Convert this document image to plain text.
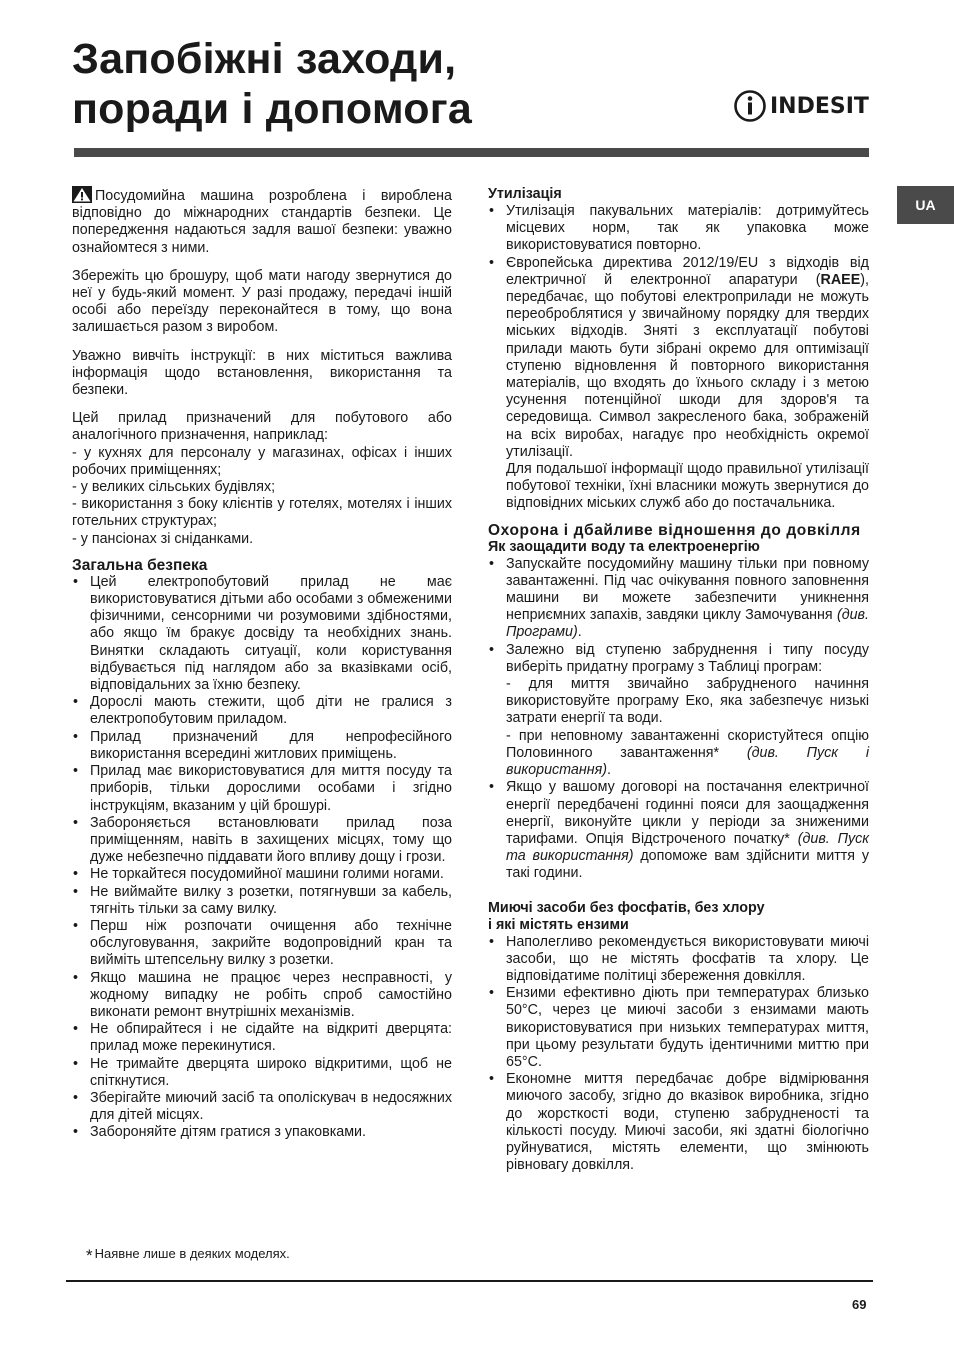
Запобіжні заходи,
поради і допомога	INDESIT
UA

Посудомийна машина розроблена і вироблена відповідно до міжнародних стандартів безпеки. Це попередження надаються задля вашої безпеки: уважно ознайомтеся з ними.

Збережіть цю брошуру, щоб мати нагоду звернутися до неї у будь-який момент. У разі продажу, передачі іншій особі або переїзду переконайтеся в тому, що вона залишається разом з виробом.

Уважно вивчіть інструкції: в них міститься важлива інформація щодо встановлення, використання та безпеки.

Цей прилад призначений для побутового або аналогічного призначення, наприклад:
- у кухнях для персоналу у магазинах, офісах і інших робочих приміщеннях;
- у великих сільських будівлях;
- використання з боку клієнтів у готелях, мотелях і інших готельних структурах;
- у пансіонах зі сніданками.

Загальна безпека
• Цей електропобутовий прилад не має використовуватися дітьми або особами з обмеженими фізичними, сенсорними чи розумовими здібностями, або якщо їм бракує досвіду та необхідних знань. Винятки складають ситуації, коли користування відбувається під наглядом або за вказівками осіб, відповідальних за їхню безпеку.
• Дорослі мають стежити, щоб діти не гралися з електропобутовим приладом.
• Прилад призначений для непрофесійного використання всередині житлових приміщень.
• Прилад має використовуватися для миття посуду та приборів, тільки дорослими особами і згідно інструкціям, вказаним у цій брошурі.
• Забороняється встановлювати прилад поза приміщенням, навіть в захищених місцях, тому що дуже небезпечно піддавати його впливу дощу і грози.
• Не торкайтеся посудомийної машини голими ногами.
• Не виймайте вилку з розетки, потягнувши за кабель, тягніть тільки за саму вилку.
• Перш ніж розпочати очищення або технічне обслуговування, закрийте водопровідний кран та вийміть штепсельну вилку з розетки.
• Якщо машина не працює через несправності, у жодному випадку не робіть спроб самостійно виконати ремонт внутрішніх механізмів.
• Не обпирайтеся і не сідайте на відкриті дверцята: прилад може перекинутися.
• Не тримайте дверцята широко відкритими, щоб не спіткнутися.
• Зберігайте миючий засіб та ополіскувач в недосяжних для дітей місцях.
• Забороняйте дітям гратися з упаковками.
* Наявне лише в деяких моделях.
Утилізація
• Утилізація пакувальних матеріалів: дотримуйтесь місцевих норм, так як упаковка може використовуватися повторно.
• Європейська директива 2012/19/EU з відходів від електричної й електронної апаратури (RAEE), передбачає, що побутові електроприлади не можуть переоброблятися у звичайному порядку для твердих міських відходів. Зняті з експлуатації побутові прилади мають бути зібрані окремо для оптимізації ступеню відновлення й повторного використання матеріалів, що входять до їхнього складу і з метою усунення потенційної шкоди для здоров'я та середовища. Символ закресленого бака, зображеній на всіх виробах, нагадує про необхідність окремої утилізації.
Для подальшої інформації щодо правильної утилізації побутової техніки, їхні власники можуть звернутися до відповідних міських служб або до постачальника.
Охорона і дбайливе відношення до довкілля
Як заощадити воду та електроенергію
• Запускайте посудомийну машину тільки при повному завантаженні. Під час очікування повного заповнення машини ви можете забезпечити уникнення неприємних запахів, завдяки циклу Замочування (див. Програми).
• Залежно від ступеню забруднення і типу посуду виберіть придатну програму з Таблиці програм:
- для миття звичайно забрудненого начиння використовуйте програму Еко, яка забезпечує низькі затрати енергії та води.
- при неповному завантаженні скористуйтеся опцію Половинного завантаження* (див. Пуск і використання).
• Якщо у вашому договорі на постачання електричної енергії передбачені годинні пояси для заощадження енергії, виконуйте цикли у періоди за зниженими тарифами. Опція Відстроченого початку* (див. Пуск та використання) допоможе вам здійснити миття у такі години.
Миючі засоби без фосфатів, без хлору
і які містять ензими
• Наполегливо рекомендується використовувати миючі засоби, що не містять фосфатів та хлору. Це відповідатиме політиці збереження довкілля.
• Ензими ефективно діють при температурах близько 50°C, через це миючі засоби з ензимами мають використовуватися при низьких температурах миття, при цьому результати будуть ідентичними миттю при 65°C.
• Економне миття передбачає добре відмірювання миючого засобу, згідно до вказівок виробника, згідно до жорсткості води, ступеню забрудненості та кількості посуду. Миючі засоби, які здатні біологічно руйнуватися, містять елементи, що змінюють рівновагу довкілля.
69
